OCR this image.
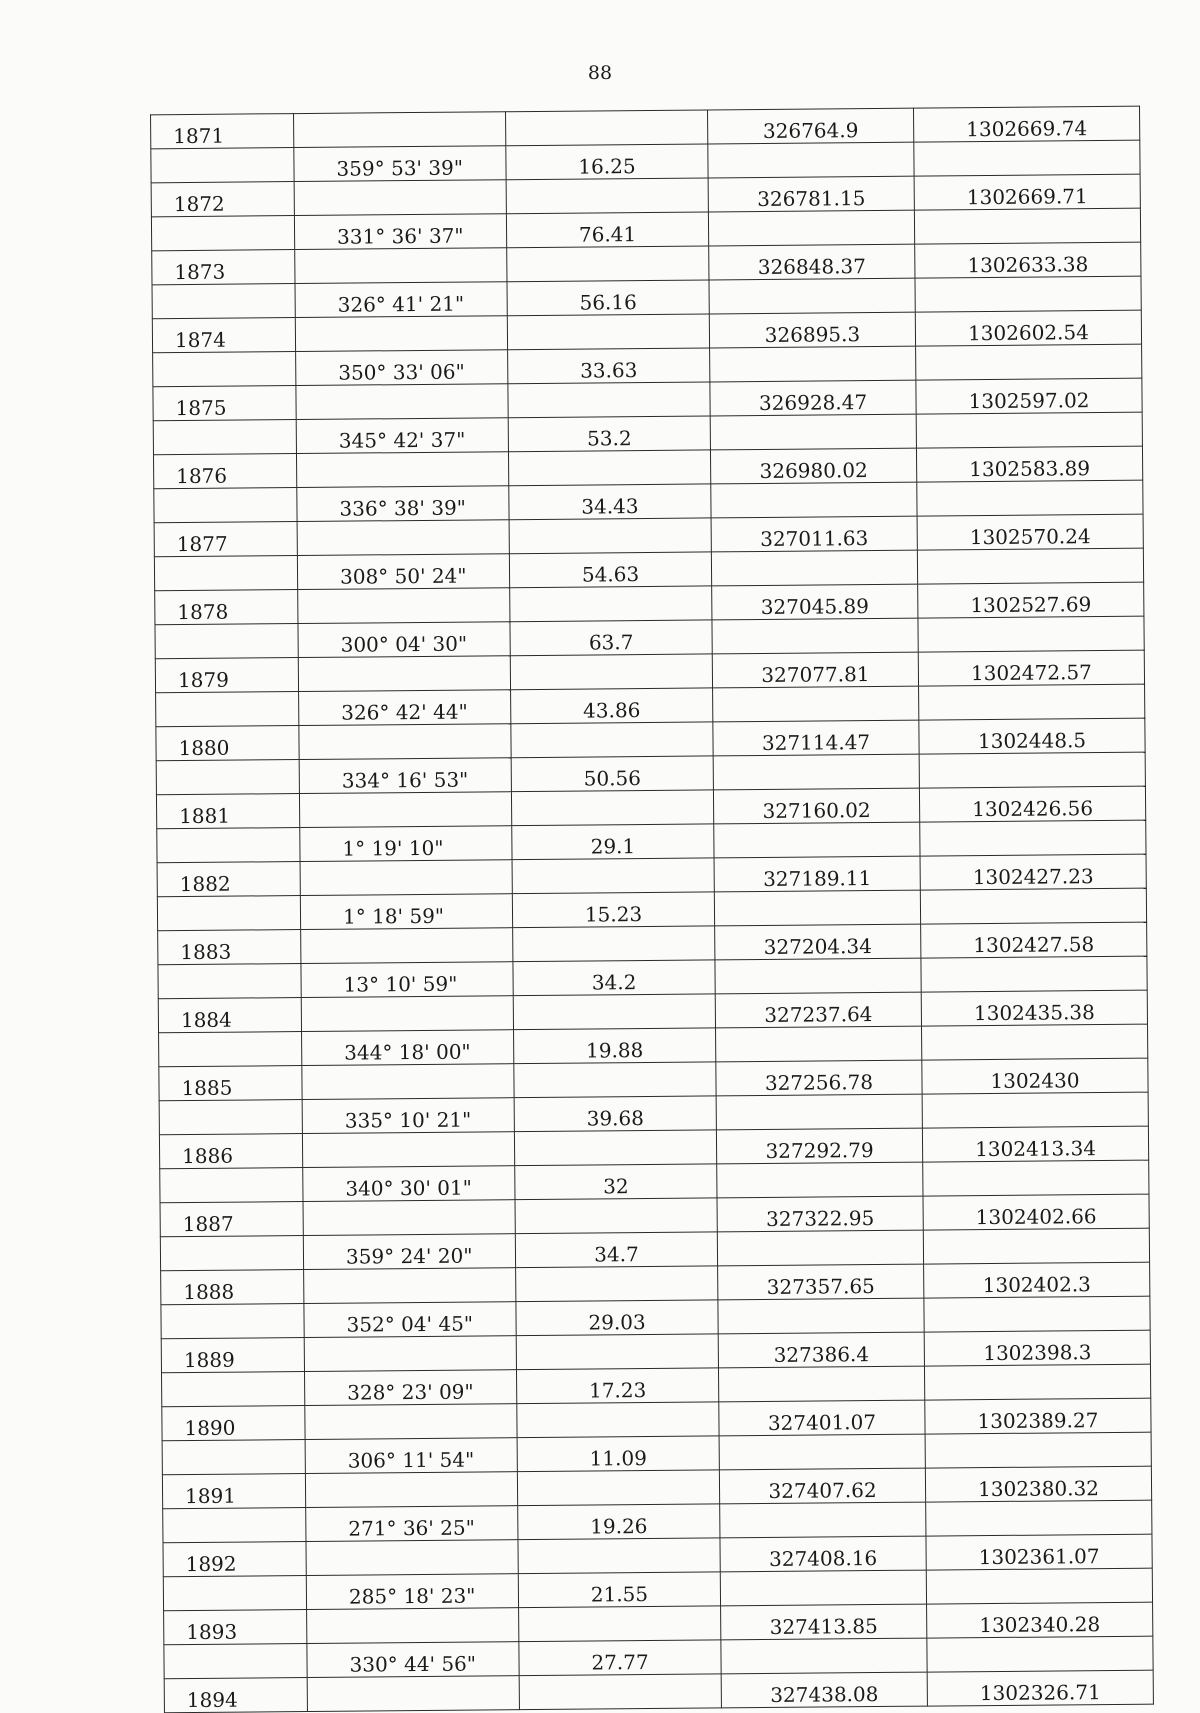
88
1871			326764.9	1302669.74
	359° 53' 39"	16.25		
1872			326781.15	1302669.71
	331° 36' 37"	76.41		
1873			326848.37	1302633.38
	326° 41' 21"	56.16		
1874			326895.3	1302602.54
	350° 33' 06"	33.63		
1875			326928.47	1302597.02
	345° 42' 37"	53.2		
1876			326980.02	1302583.89
	336° 38' 39"	34.43		
1877			327011.63	1302570.24
	308° 50' 24"	54.63		
1878			327045.89	1302527.69
	300° 04' 30"	63.7		
1879			327077.81	1302472.57
	326° 42' 44"	43.86		
1880			327114.47	1302448.5
	334° 16' 53"	50.56		
1881			327160.02	1302426.56
	1° 19' 10"	29.1		
1882			327189.11	1302427.23
	1° 18' 59"	15.23		
1883			327204.34	1302427.58
	13° 10' 59"	34.2		
1884			327237.64	1302435.38
	344° 18' 00"	19.88		
1885			327256.78	1302430
	335° 10' 21"	39.68		
1886			327292.79	1302413.34
	340° 30' 01"	32		
1887			327322.95	1302402.66
	359° 24' 20"	34.7		
1888			327357.65	1302402.3
	352° 04' 45"	29.03		
1889			327386.4	1302398.3
	328° 23' 09"	17.23		
1890			327401.07	1302389.27
	306° 11' 54"	11.09		
1891			327407.62	1302380.32
	271° 36' 25"	19.26		
1892			327408.16	1302361.07
	285° 18' 23"	21.55		
1893			327413.85	1302340.28
	330° 44' 56"	27.77		
1894			327438.08	1302326.71
